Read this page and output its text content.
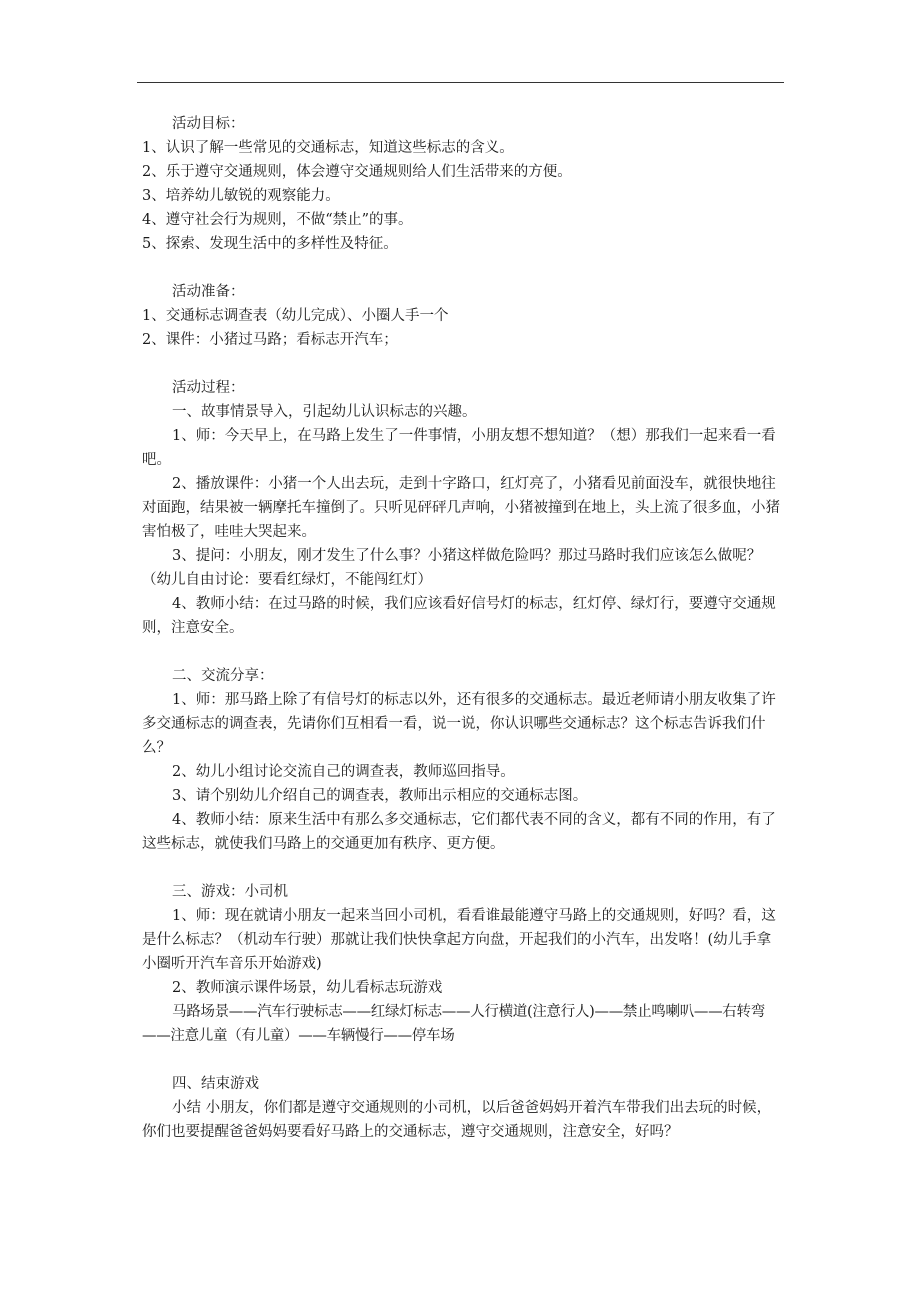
活动目标：

1、认识了解一些常见的交通标志，知道这些标志的含义。

2、乐于遵守交通规则，体会遵守交通规则给人们生活带来的方便。

3、培养幼儿敏锐的观察能力。

4、遵守社会行为规则，不做“禁止”的事。

5、探索、发现生活中的多样性及特征。

活动准备：

1、交通标志调查表（幼儿完成）、小圈人手一个

2、课件：小猪过马路；看标志开汽车；

活动过程：

一、故事情景导入，引起幼儿认识标志的兴趣。

1、师：今天早上，在马路上发生了一件事情，小朋友想不想知道？（想）那我们一起来看一看吧。

2、播放课件：小猪一个人出去玩，走到十字路口，红灯亮了，小猪看见前面没车，就很快地往对面跑，结果被一辆摩托车撞倒了。只听见砰砰几声响，小猪被撞到在地上，头上流了很多血，小猪害怕极了，哇哇大哭起来。

3、提问：小朋友，刚才发生了什么事？小猪这样做危险吗？那过马路时我们应该怎么做呢？（幼儿自由讨论：要看红绿灯，不能闯红灯）

4、教师小结：在过马路的时候，我们应该看好信号灯的标志，红灯停、绿灯行，要遵守交通规则，注意安全。

二、交流分享：

1、师：那马路上除了有信号灯的标志以外，还有很多的交通标志。最近老师请小朋友收集了许多交通标志的调查表，先请你们互相看一看，说一说，你认识哪些交通标志？这个标志告诉我们什么？

2、幼儿小组讨论交流自己的调查表，教师巡回指导。

3、请个别幼儿介绍自己的调查表，教师出示相应的交通标志图。

4、教师小结：原来生活中有那么多交通标志，它们都代表不同的含义，都有不同的作用，有了这些标志，就使我们马路上的交通更加有秩序、更方便。

三、游戏：小司机

1、师：现在就请小朋友一起来当回小司机，看看谁最能遵守马路上的交通规则，好吗？看，这是什么标志？（机动车行驶）那就让我们快快拿起方向盘，开起我们的小汽车，出发咯！(幼儿手拿小圈听开汽车音乐开始游戏)

2、教师演示课件场景，幼儿看标志玩游戏

马路场景——汽车行驶标志——红绿灯标志——人行横道(注意行人)——禁止鸣喇叭——右转弯——注意儿童（有儿童）——车辆慢行——停车场

四、结束游戏

小结 小朋友，你们都是遵守交通规则的小司机，以后爸爸妈妈开着汽车带我们出去玩的时候，你们也要提醒爸爸妈妈要看好马路上的交通标志，遵守交通规则，注意安全，好吗？
